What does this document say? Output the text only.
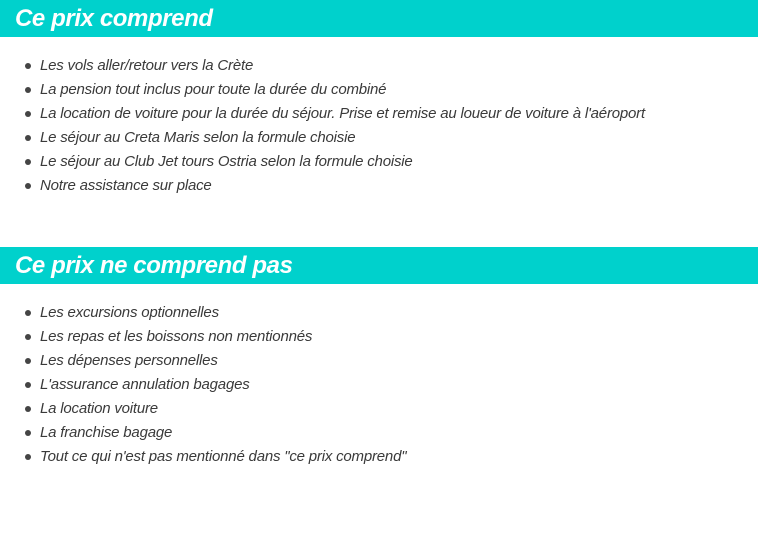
Ce prix comprend
Les vols aller/retour vers la Crète
La pension tout inclus pour toute la durée du combiné
La location de voiture pour la durée du séjour. Prise et remise au loueur de voiture à l'aéroport
Le séjour au Creta Maris selon la formule choisie
Le séjour au Club Jet tours Ostria selon la formule choisie
Notre assistance sur place
Ce prix ne comprend pas
Les excursions optionnelles
Les repas et les boissons non mentionnés
Les dépenses personnelles
L'assurance annulation bagages
La location voiture
La franchise bagage
Tout ce qui n'est pas mentionné dans "ce prix comprend"
